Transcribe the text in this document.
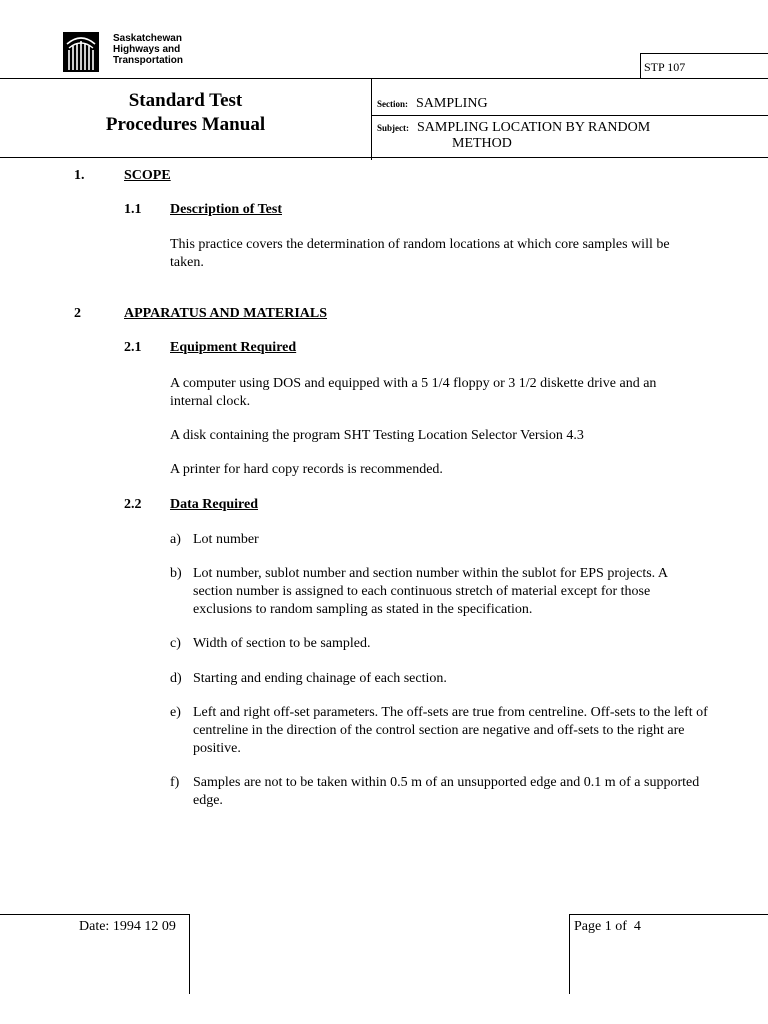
Saskatchewan
Highways and
Transportation	STP 107
Standard Test
Procedures Manual
Section: SAMPLING
Subject: SAMPLING LOCATION BY RANDOM
METHOD
1.	SCOPE
1.1 Description of Test
This practice covers the determination of random locations at which core samples will be taken.
2	APPARATUS AND MATERIALS
2.1 Equipment Required
A computer using DOS and equipped with a 5 1/4 floppy or 3 1/2 diskette drive and an internal clock.
A disk containing the program SHT Testing Location Selector Version 4.3
A printer for hard copy records is recommended.
2.2 Data Required
a) Lot number
b) Lot number, sublot number and section number within the sublot for EPS projects. A section number is assigned to each continuous stretch of material except for those exclusions to random sampling as stated in the specification.
c) Width of section to be sampled.
d) Starting and ending chainage of each section.
e) Left and right off-set parameters. The off-sets are true from centreline. Off-sets to the left of centreline in the direction of the control section are negative and off-sets to the right are positive.
f) Samples are not to be taken within 0.5 m of an unsupported edge and 0.1 m of a supported edge.
Date: 1994 12 09	Page 1 of  4
